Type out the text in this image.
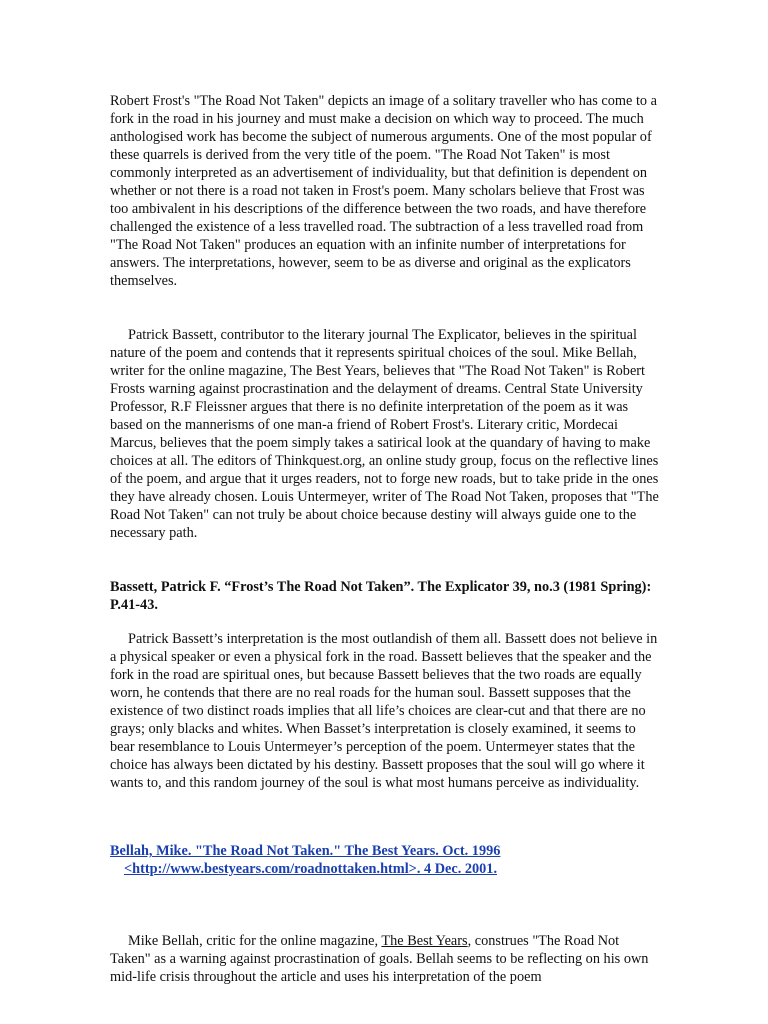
Robert Frost's "The Road Not Taken" depicts an image of a solitary traveller who has come to a fork in the road in his journey and must make a decision on which way to proceed. The much anthologised work has become the subject of numerous arguments. One of the most popular of these quarrels is derived from the very title of the poem. "The Road Not Taken" is most commonly interpreted as an advertisement of individuality, but that definition is dependent on whether or not there is a road not taken in Frost's poem. Many scholars believe that Frost was too ambivalent in his descriptions of the difference between the two roads, and have therefore challenged the existence of a less travelled road. The subtraction of a less travelled road from "The Road Not Taken" produces an equation with an infinite number of interpretations for answers. The interpretations, however, seem to be as diverse and original as the explicators themselves.

Patrick Bassett, contributor to the literary journal The Explicator, believes in the spiritual nature of the poem and contends that it represents spiritual choices of the soul. Mike Bellah, writer for the online magazine, The Best Years, believes that "The Road Not Taken" is Robert Frosts warning against procrastination and the delayment of dreams. Central State University Professor, R.F Fleissner argues that there is no definite interpretation of the poem as it was based on the mannerisms of one man-a friend of Robert Frost's. Literary critic, Mordecai Marcus, believes that the poem simply takes a satirical look at the quandary of having to make choices at all. The editors of Thinkquest.org, an online study group, focus on the reflective lines of the poem, and argue that it urges readers, not to forge new roads, but to take pride in the ones they have already chosen. Louis Untermeyer, writer of The Road Not Taken, proposes that "The Road Not Taken" can not truly be about choice because destiny will always guide one to the necessary path.

Bassett, Patrick F. “Frost’s The Road Not Taken”. The Explicator 39, no.3 (1981 Spring): P.41-43.

Patrick Bassett’s interpretation is the most outlandish of them all. Bassett does not believe in a physical speaker or even a physical fork in the road. Bassett believes that the speaker and the fork in the road are spiritual ones, but because Bassett believes that the two roads are equally worn, he contends that there are no real roads for the human soul. Bassett supposes that the existence of two distinct roads implies that all life’s choices are clear-cut and that there are no grays; only blacks and whites. When Basset’s interpretation is closely examined, it seems to bear resemblance to Louis Untermeyer’s perception of the poem. Untermeyer states that the choice has always been dictated by his destiny. Bassett proposes that the soul will go where it wants to, and this random journey of the soul is what most humans perceive as individuality.

Bellah, Mike. "The Road Not Taken." The Best Years. Oct. 1996
<http://www.bestyears.com/roadnottaken.html>. 4 Dec. 2001.

Mike Bellah, critic for the online magazine, The Best Years, construes "The Road Not Taken" as a warning against procrastination of goals. Bellah seems to be reflecting on his own mid-life crisis throughout the article and uses his interpretation of the poem
